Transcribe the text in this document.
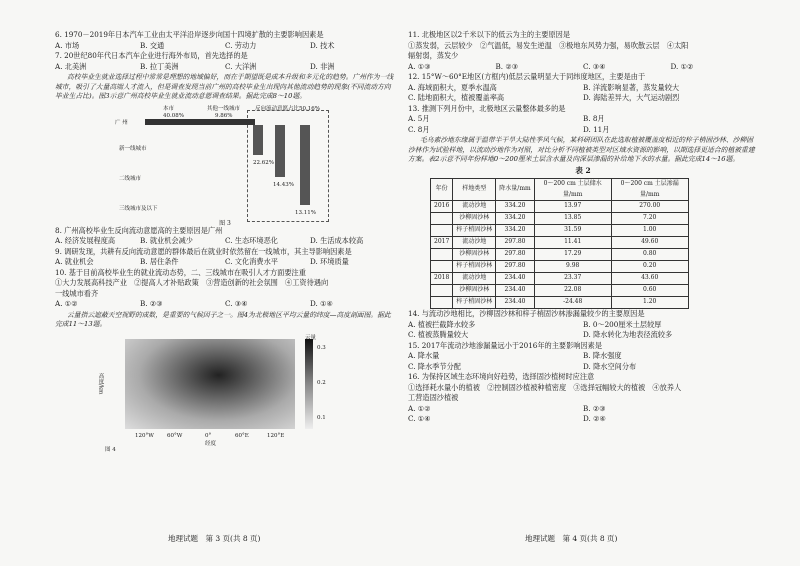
6. 1970－2019年日本汽车工业由太平洋沿岸逐步向国十四境扩散的主要影响因素是

A. 市场	B. 交通	C. 劳动力	D. 技术

7. 20世纪80年代日本汽车企业进行海外布局，首先选择的是

A. 北美洲	B. 拉丁美洲	C. 大洋洲	D. 非洲

高校毕业生就业选择过程中常常是理想的地域偏好，而在于期望既是成本升级和多元化的趋势。广州作为一线城市，吸引了大量高端人才流入，但是调查发现当前广州的高校毕业生出现向其他流动趋势的现象(不同流动方向毕业生占比)。图3示意广州高校毕业生就业流动意愿调查结果。据此完成8～10题。

本市	其他一线城市	反向流动意愿占比50.16%
40.08%	9.86%
广 州
22.62%
新一线城市
14.43%
二线城市
13.11%
三线城市及以下
图 3

8. 广州高校毕业生反向流动意愿高的主要原因是广州

A. 经济发展程度高	B. 就业机会减少	C. 生态环境恶化	D. 生活成本较高

9. 调研发现，共耕有反向流动意愿的群体最后在就业时依然留在一线城市，其主导影响因素是

A. 就业机会	B. 居住条件	C. 文化消费水平	D. 环境质量

10. 基于目前高校毕业生的就业流动态势，二、三线城市在吸引人才方面要注重

①大力发展高科技产业　②提高人才补贴政策　③营造创新的社会氛围　④工资待遇向

一线城市看齐

A. ①②	B. ②③	C. ③④	D. ①④

云量指云遮蔽天空视野的成数，是重要的气候因子之一。图4为北极地区平均云量的纬度—高度剖面图。据此完成11～13题。

高度/km
云量
0.3
0.2
0.1
120°W 60°W	0°	60°E	120°E
经度
图 4
地理试题　第 3 页(共 8 页)

11. 北极地区以2千米以下的低云为主的主要原因是

①蒸发弱，云层较少　②气温低，易发生逆温　③极地东风势力强，易吹散云层　④太阳

辐射弱，蒸发少

A. ①③	B. ②③	C. ③④	D. ①②

12. 15°W～60°E地区(方框内)低层云量明显大于同纬度地区，主要是由于

A. 海域面积大，夏季水温高	B. 洋流影响显著，蒸发量较大
C. 陆地面积大，植被覆盖率高	D. 海陆差异大，大气运动剧烈

13. 推测下列月份中，北极地区云量整体最多的是

A. 5月	B. 8月
C. 8月	D. 11月

毛乌素沙地东缘属于温带半干旱大陆性季风气候，某科研团队在此选取植被覆盖度相近的梓子梢固沙林、沙柳固沙林作为试验样地，以流动沙地作为对照，对比分析不同植被类型对区域水资源的影响，以期选择更适合的植被重建方案。表2示意不同年份样地0～200厘米土层含水量及向深层渗漏的补给地下水的水量。据此完成14～16题。

表 2
年份	样地类型	降水量/mm	0～200 cm 土层储水量/mm	0～200 cm 土层渗漏量/mm
2016	流动沙地	334.20	13.97	270.00
	沙柳固沙林	334.20	13.85	7.20
	梓子梢固沙林	334.20	31.59	1.00
2017	流动沙地	297.80	11.41	49.60
	沙柳固沙林	297.80	17.29	0.80
	梓子梢固沙林	297.80	9.98	0.20
2018	流动沙地	234.40	23.37	43.60
	沙柳固沙林	234.40	22.08	0.60
	梓子梢固沙林	234.40	-24.48	1.20

14. 与流动沙地相比，沙柳固沙林和梓子梢固沙林渗漏量较少的主要原因是

A. 植被拦截降水较多	B. 0～200厘米土层较厚
C. 植被蒸腾量较大	D. 降水转化为地表径流较多

15. 2017年流动沙地渗漏量远小于2016年的主要影响因素是

A. 降水量	B. 降水强度
C. 降水季节分配	D. 降水空间分布

16. 为保持区域生态环境向好趋势，选择固沙植树时应注意

①选择耗水量小的植被　②控制固沙植被种植密度　③选择冠幅较大的植被　④放养人

工营造固沙植被

A. ①②	B. ②③
C. ①④	D. ②④
地理试题　第 4 页(共 8 页)
